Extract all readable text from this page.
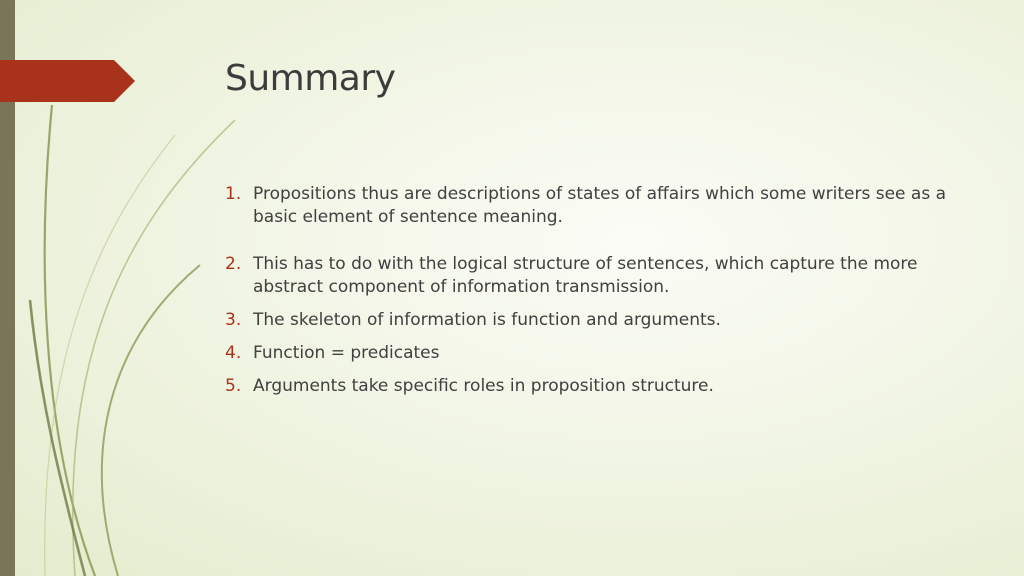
Summary
1. Propositions thus are descriptions of states of affairs which some writers see as a basic element of sentence meaning.
2. This has to do with the logical structure of sentences, which capture the more abstract component of information transmission.
3. The skeleton of information is function and arguments.
4. Function = predicates
5. Arguments take specific roles in proposition structure.
